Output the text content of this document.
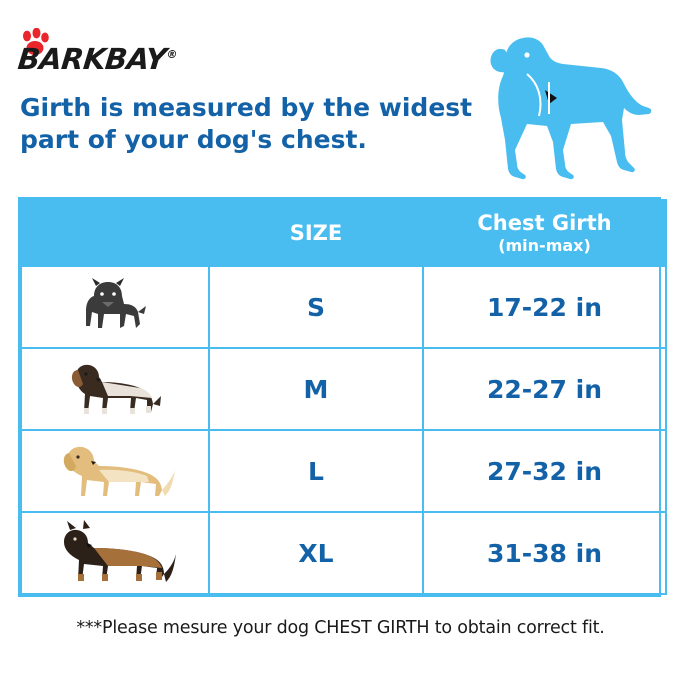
BARKBAY®
Girth is measured by the widest part of your dog's chest.
	SIZE	Chest Girth
(min-max)

	S	17-22 in

	M	22-27 in

	L	27-32 in

	XL	31-38 in
***Please mesure your dog CHEST GIRTH to obtain correct fit.
